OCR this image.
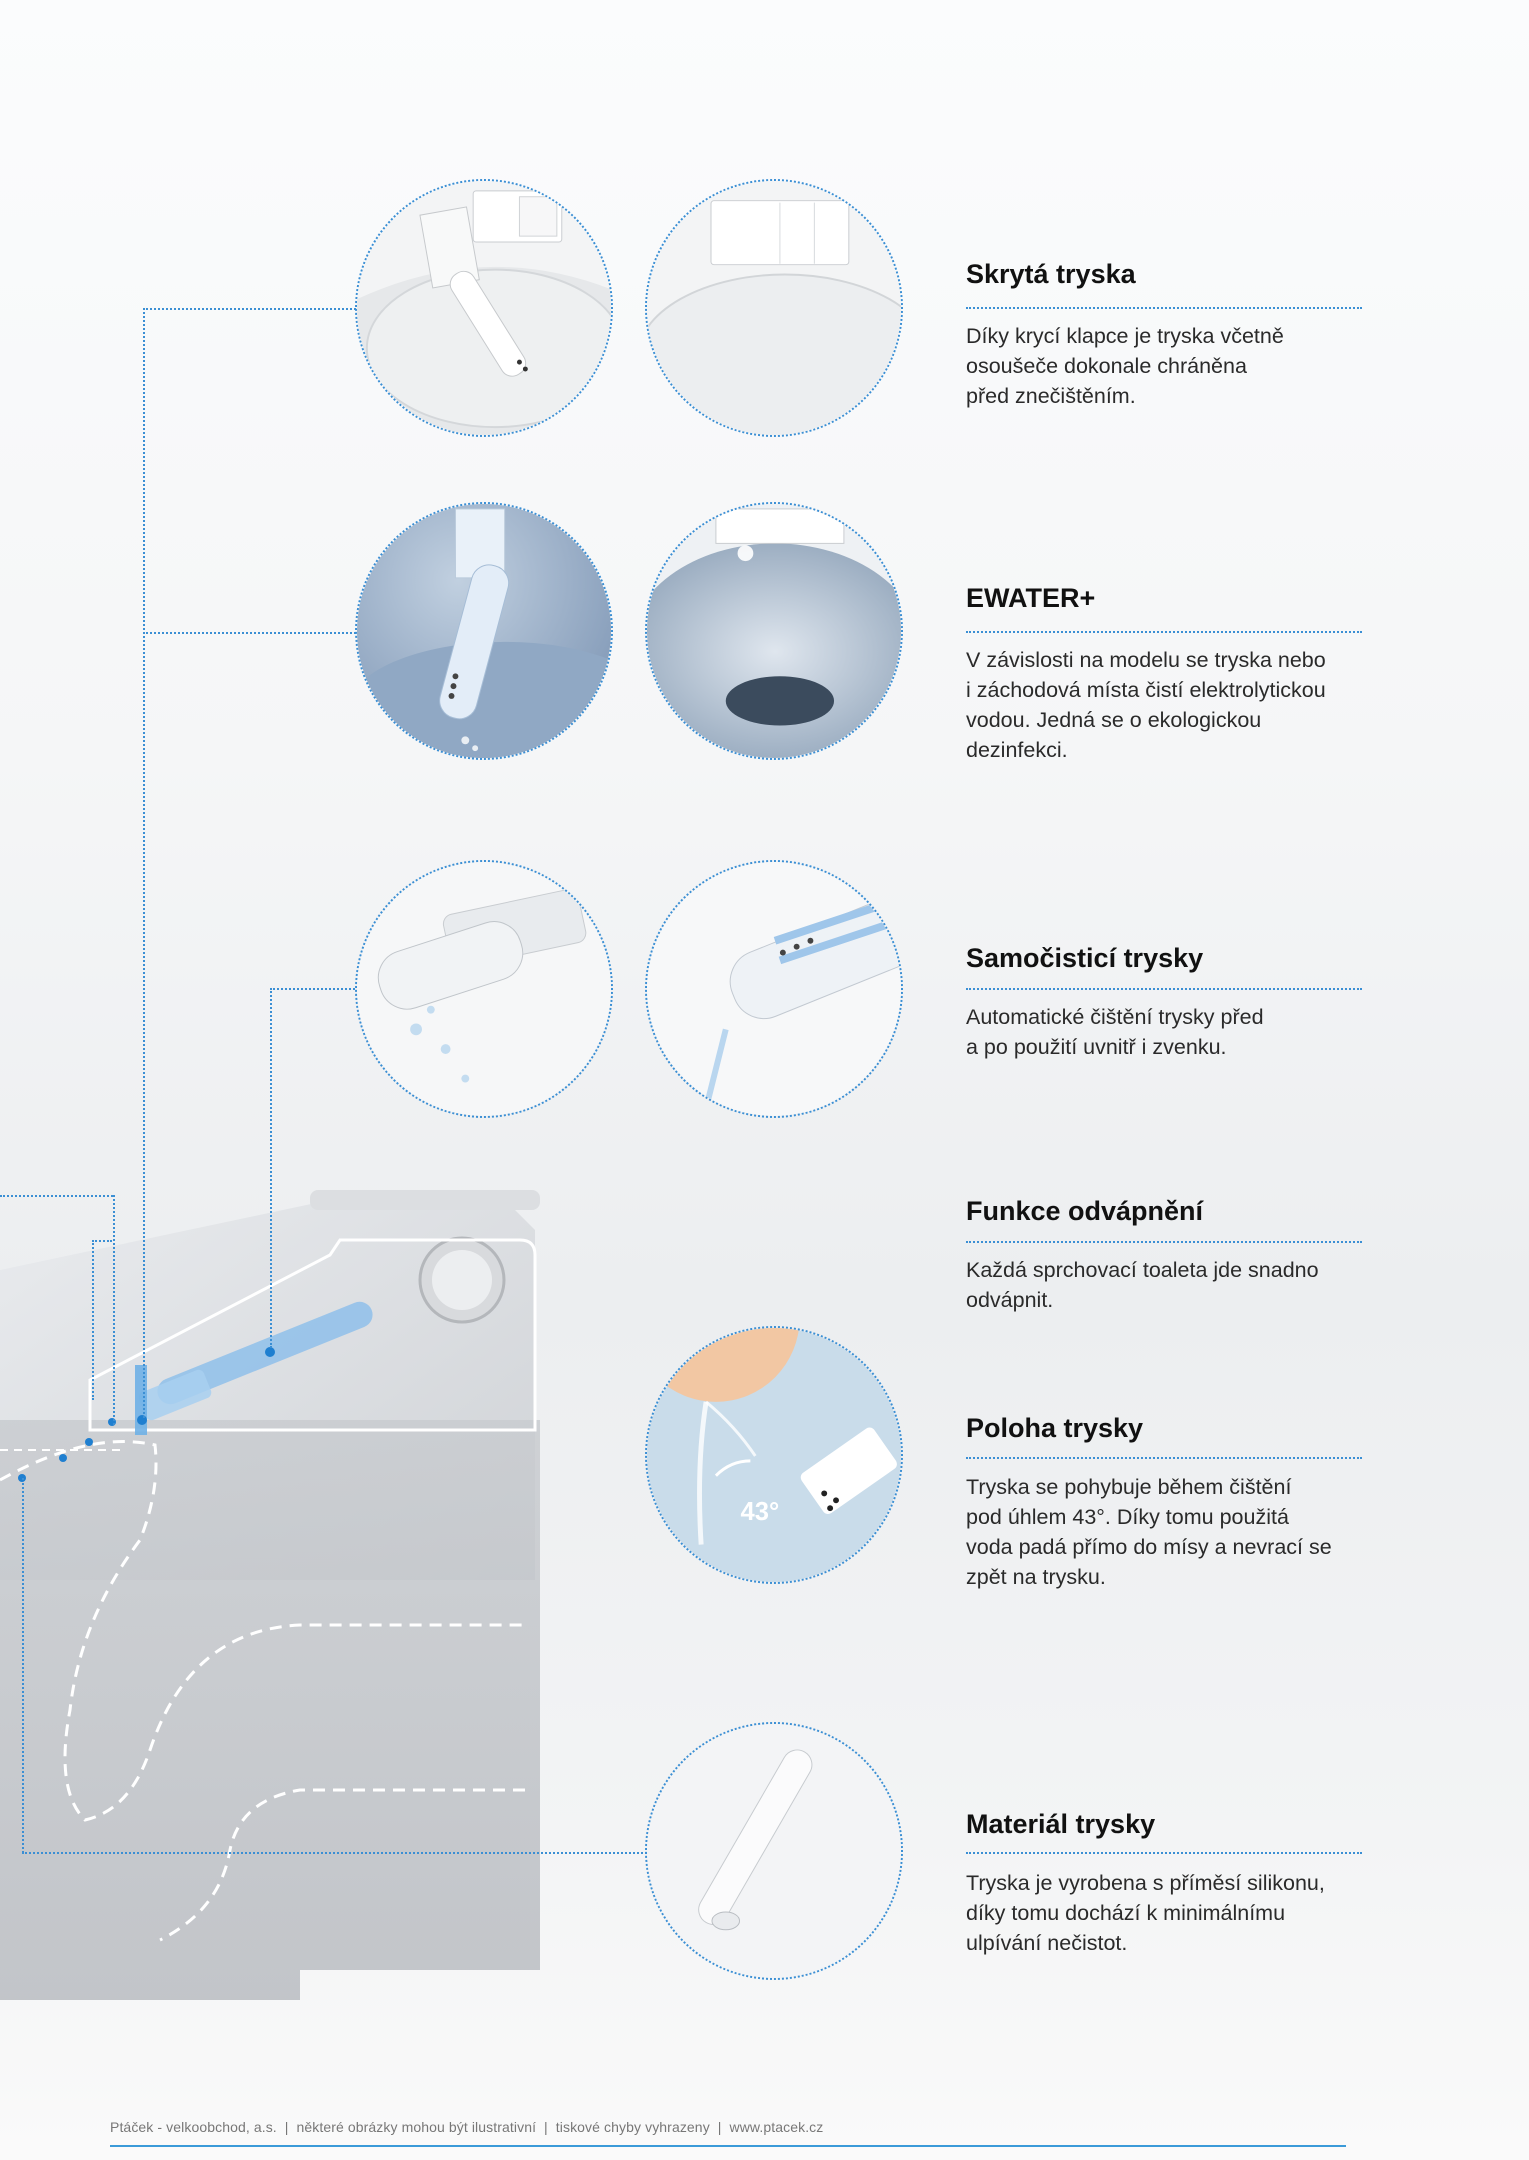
43°
Skrytá tryska

Díky krycí klapce je tryska včetně
osoušeče dokonale chráněna
před znečištěním.

EWATER+

V závislosti na modelu se tryska nebo
i záchodová místa čistí elektrolytickou
vodou. Jedná se o ekologickou
dezinfekci.

Samočisticí trysky

Automatické čištění trysky před
a po použití uvnitř i zvenku.

Funkce odvápnění

Každá sprchovací toaleta jde snadno
odvápnit.

Poloha trysky

Tryska se pohybuje během čištění
pod úhlem 43°. Díky tomu použitá
voda padá přímo do mísy a nevrací se
zpět na trysku.

Materiál trysky

Tryska je vyrobena s příměsí silikonu,
díky tomu dochází k minimálnímu
ulpívání nečistot.

Ptáček - velkoobchod, a.s.  |  některé obrázky mohou být ilustrativní  |  tiskové chyby vyhrazeny  |  www.ptacek.cz
